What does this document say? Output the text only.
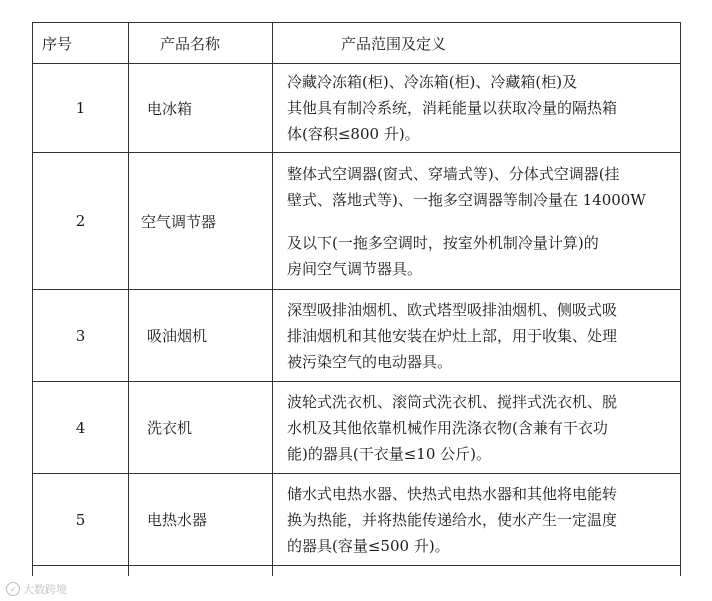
序号	产品名称	产品范围及定义
1	电冰箱	冷藏冷冻箱(柜)、冷冻箱(柜)、冷藏箱(柜)及

其他具有制冷系统，消耗能量以获取冷量的隔热箱

体(容积≤800 升)。

2	空气调节器	整体式空调器(窗式、穿墙式等)、分体式空调器(挂

壁式、落地式等)、一拖多空调器等制冷量在 14000W

及以下(一拖多空调时，按室外机制冷量计算)的

房间空气调节器具。

3	吸油烟机	深型吸排油烟机、欧式塔型吸排油烟机、侧吸式吸

排油烟机和其他安装在炉灶上部，用于收集、处理

被污染空气的电动器具。

4	洗衣机	波轮式洗衣机、滚筒式洗衣机、搅拌式洗衣机、脱

水机及其他依靠机械作用洗涤衣物(含兼有干衣功

能)的器具(干衣量≤10 公斤)。

5	电热水器	储水式电热水器、快热式电热水器和其他将电能转

换为热能，并将热能传递给水，使水产生一定温度

的器具(容量≤500 升)。

✓ 大数跨境
